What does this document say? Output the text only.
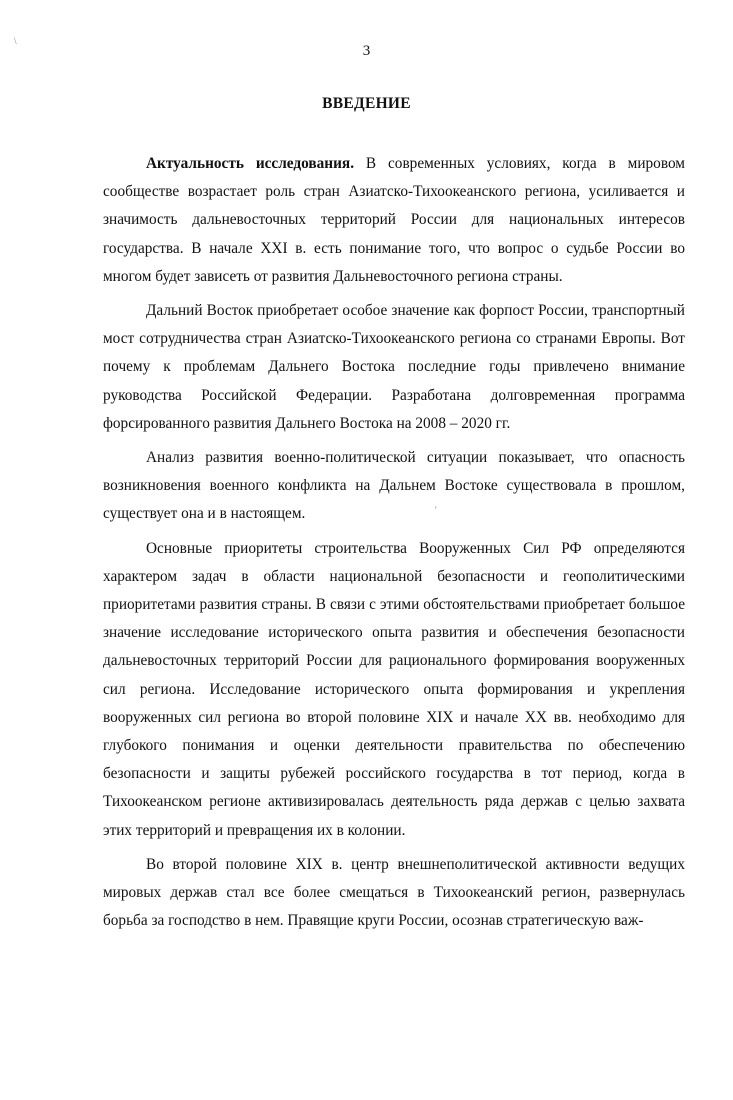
3
ВВЕДЕНИЕ

Актуальность исследования. В современных условиях, когда в мировом сообществе возрастает роль стран Азиатско-Тихоокеанского региона, усиливается и значимость дальневосточных территорий России для национальных интересов государства. В начале XXI в. есть понимание того, что вопрос о судьбе России во многом будет зависеть от развития Дальневосточного региона страны.

Дальний Восток приобретает особое значение как форпост России, транспортный мост сотрудничества стран Азиатско-Тихоокеанского региона со странами Европы. Вот почему к проблемам Дальнего Востока последние годы привлечено внимание руководства Российской Федерации. Разработана долговременная программа форсированного развития Дальнего Востока на 2008 – 2020 гг.

Анализ развития военно-политической ситуации показывает, что опасность возникновения военного конфликта на Дальнем Востоке существовала в прошлом, существует она и в настоящем.

Основные приоритеты строительства Вооруженных Сил РФ определяются характером задач в области национальной безопасности и геополитическими приоритетами развития страны. В связи с этими обстоятельствами приобретает большое значение исследование исторического опыта развития и обеспечения безопасности дальневосточных территорий России для рационального формирования вооруженных сил региона. Исследование исторического опыта формирования и укрепления вооруженных сил региона во второй половине XIX и начале XX вв. необходимо для глубокого понимания и оценки деятельности правительства по обеспечению безопасности и защиты рубежей российского государства в тот период, когда в Тихоокеанском регионе активизировалась деятельность ряда держав с целью захвата этих территорий и превращения их в колонии.

Во второй половине XIX в. центр внешнеполитической активности ведущих мировых держав стал все более смещаться в Тихоокеанский регион, развернулась борьба за господство в нем. Правящие круги России, осознав стратегическую важ-

\
'
